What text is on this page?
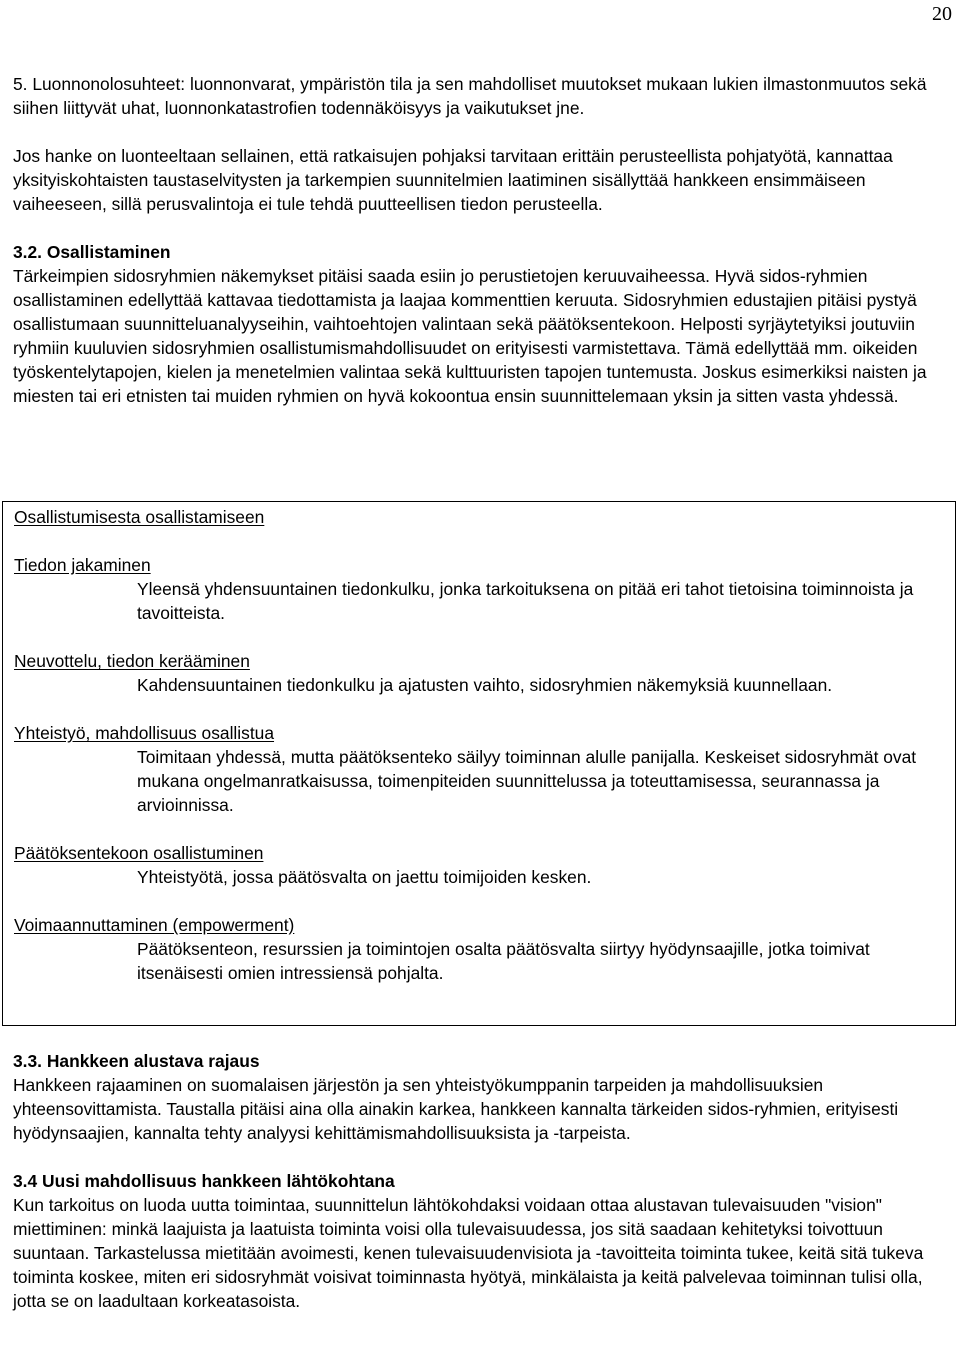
20

5. Luonnonolosuhteet: luonnonvarat, ympäristön tila ja sen mahdolliset muutokset mukaan lukien ilmastonmuutos sekä siihen liittyvät uhat, luonnonkatastrofien todennäköisyys ja vaikutukset jne.

Jos hanke on luonteeltaan sellainen, että ratkaisujen pohjaksi tarvitaan erittäin perusteellista pohjatyötä, kannattaa yksityiskohtaisten taustaselvitysten ja tarkempien suunnitelmien laatiminen sisällyttää hankkeen ensimmäiseen vaiheeseen, sillä perusvalintoja ei tule tehdä puutteellisen tiedon perusteella.

3.2. Osallistaminen

Tärkeimpien sidosryhmien näkemykset pitäisi saada esiin jo perustietojen keruuvaiheessa. Hyvä sidos-ryhmien osallistaminen edellyttää kattavaa tiedottamista ja laajaa kommenttien keruuta. Sidosryhmien edustajien pitäisi pystyä osallistumaan suunnitteluanalyyseihin, vaihtoehtojen valintaan sekä päätöksentekoon. Helposti syrjäytetyiksi joutuviin ryhmiin kuuluvien sidosryhmien osallistumismahdollisuudet on erityisesti varmistettava. Tämä edellyttää mm. oikeiden työskentelytapojen, kielen ja menetelmien valintaa sekä kulttuuristen tapojen tuntemusta. Joskus esimerkiksi naisten ja miesten tai eri etnisten tai muiden ryhmien on hyvä kokoontua ensin suunnittelemaan yksin ja sitten vasta yhdessä.

Osallistumisesta osallistamiseen

Tiedon jakaminen

Yleensä yhdensuuntainen tiedonkulku, jonka tarkoituksena on pitää eri tahot tietoisina toiminnoista ja tavoitteista.

Neuvottelu, tiedon kerääminen

Kahdensuuntainen tiedonkulku ja ajatusten vaihto, sidosryhmien näkemyksiä kuunnellaan.

Yhteistyö, mahdollisuus osallistua

Toimitaan yhdessä, mutta päätöksenteko säilyy toiminnan alulle panijalla. Keskeiset sidosryhmät ovat mukana ongelmanratkaisussa, toimenpiteiden suunnittelussa ja toteuttamisessa, seurannassa ja arvioinnissa.

Päätöksentekoon osallistuminen

Yhteistyötä, jossa päätösvalta on jaettu toimijoiden kesken.

Voimaannuttaminen (empowerment)

Päätöksenteon, resurssien ja toimintojen osalta päätösvalta siirtyy hyödynsaajille, jotka toimivat itsenäisesti omien intressiensä pohjalta.

3.3. Hankkeen alustava rajaus

Hankkeen rajaaminen on suomalaisen järjestön ja sen yhteistyökumppanin tarpeiden ja mahdollisuuksien yhteensovittamista. Taustalla pitäisi aina olla ainakin karkea, hankkeen kannalta tärkeiden sidos-ryhmien, erityisesti hyödynsaajien, kannalta tehty analyysi kehittämismahdollisuuksista ja -tarpeista.

3.4 Uusi mahdollisuus hankkeen lähtökohtana

Kun tarkoitus on luoda uutta toimintaa, suunnittelun lähtökohdaksi voidaan ottaa alustavan tulevaisuuden "vision" miettiminen: minkä laajuista ja laatuista toiminta voisi olla tulevaisuudessa, jos sitä saadaan kehitetyksi toivottuun suuntaan. Tarkastelussa mietitään avoimesti, kenen tulevaisuudenvisiota ja -tavoitteita toiminta tukee, keitä sitä tukeva toiminta koskee, miten eri sidosryhmät voisivat toiminnasta hyötyä, minkälaista ja keitä palvelevaa toiminnan tulisi olla, jotta se on laadultaan korkeatasoista.
